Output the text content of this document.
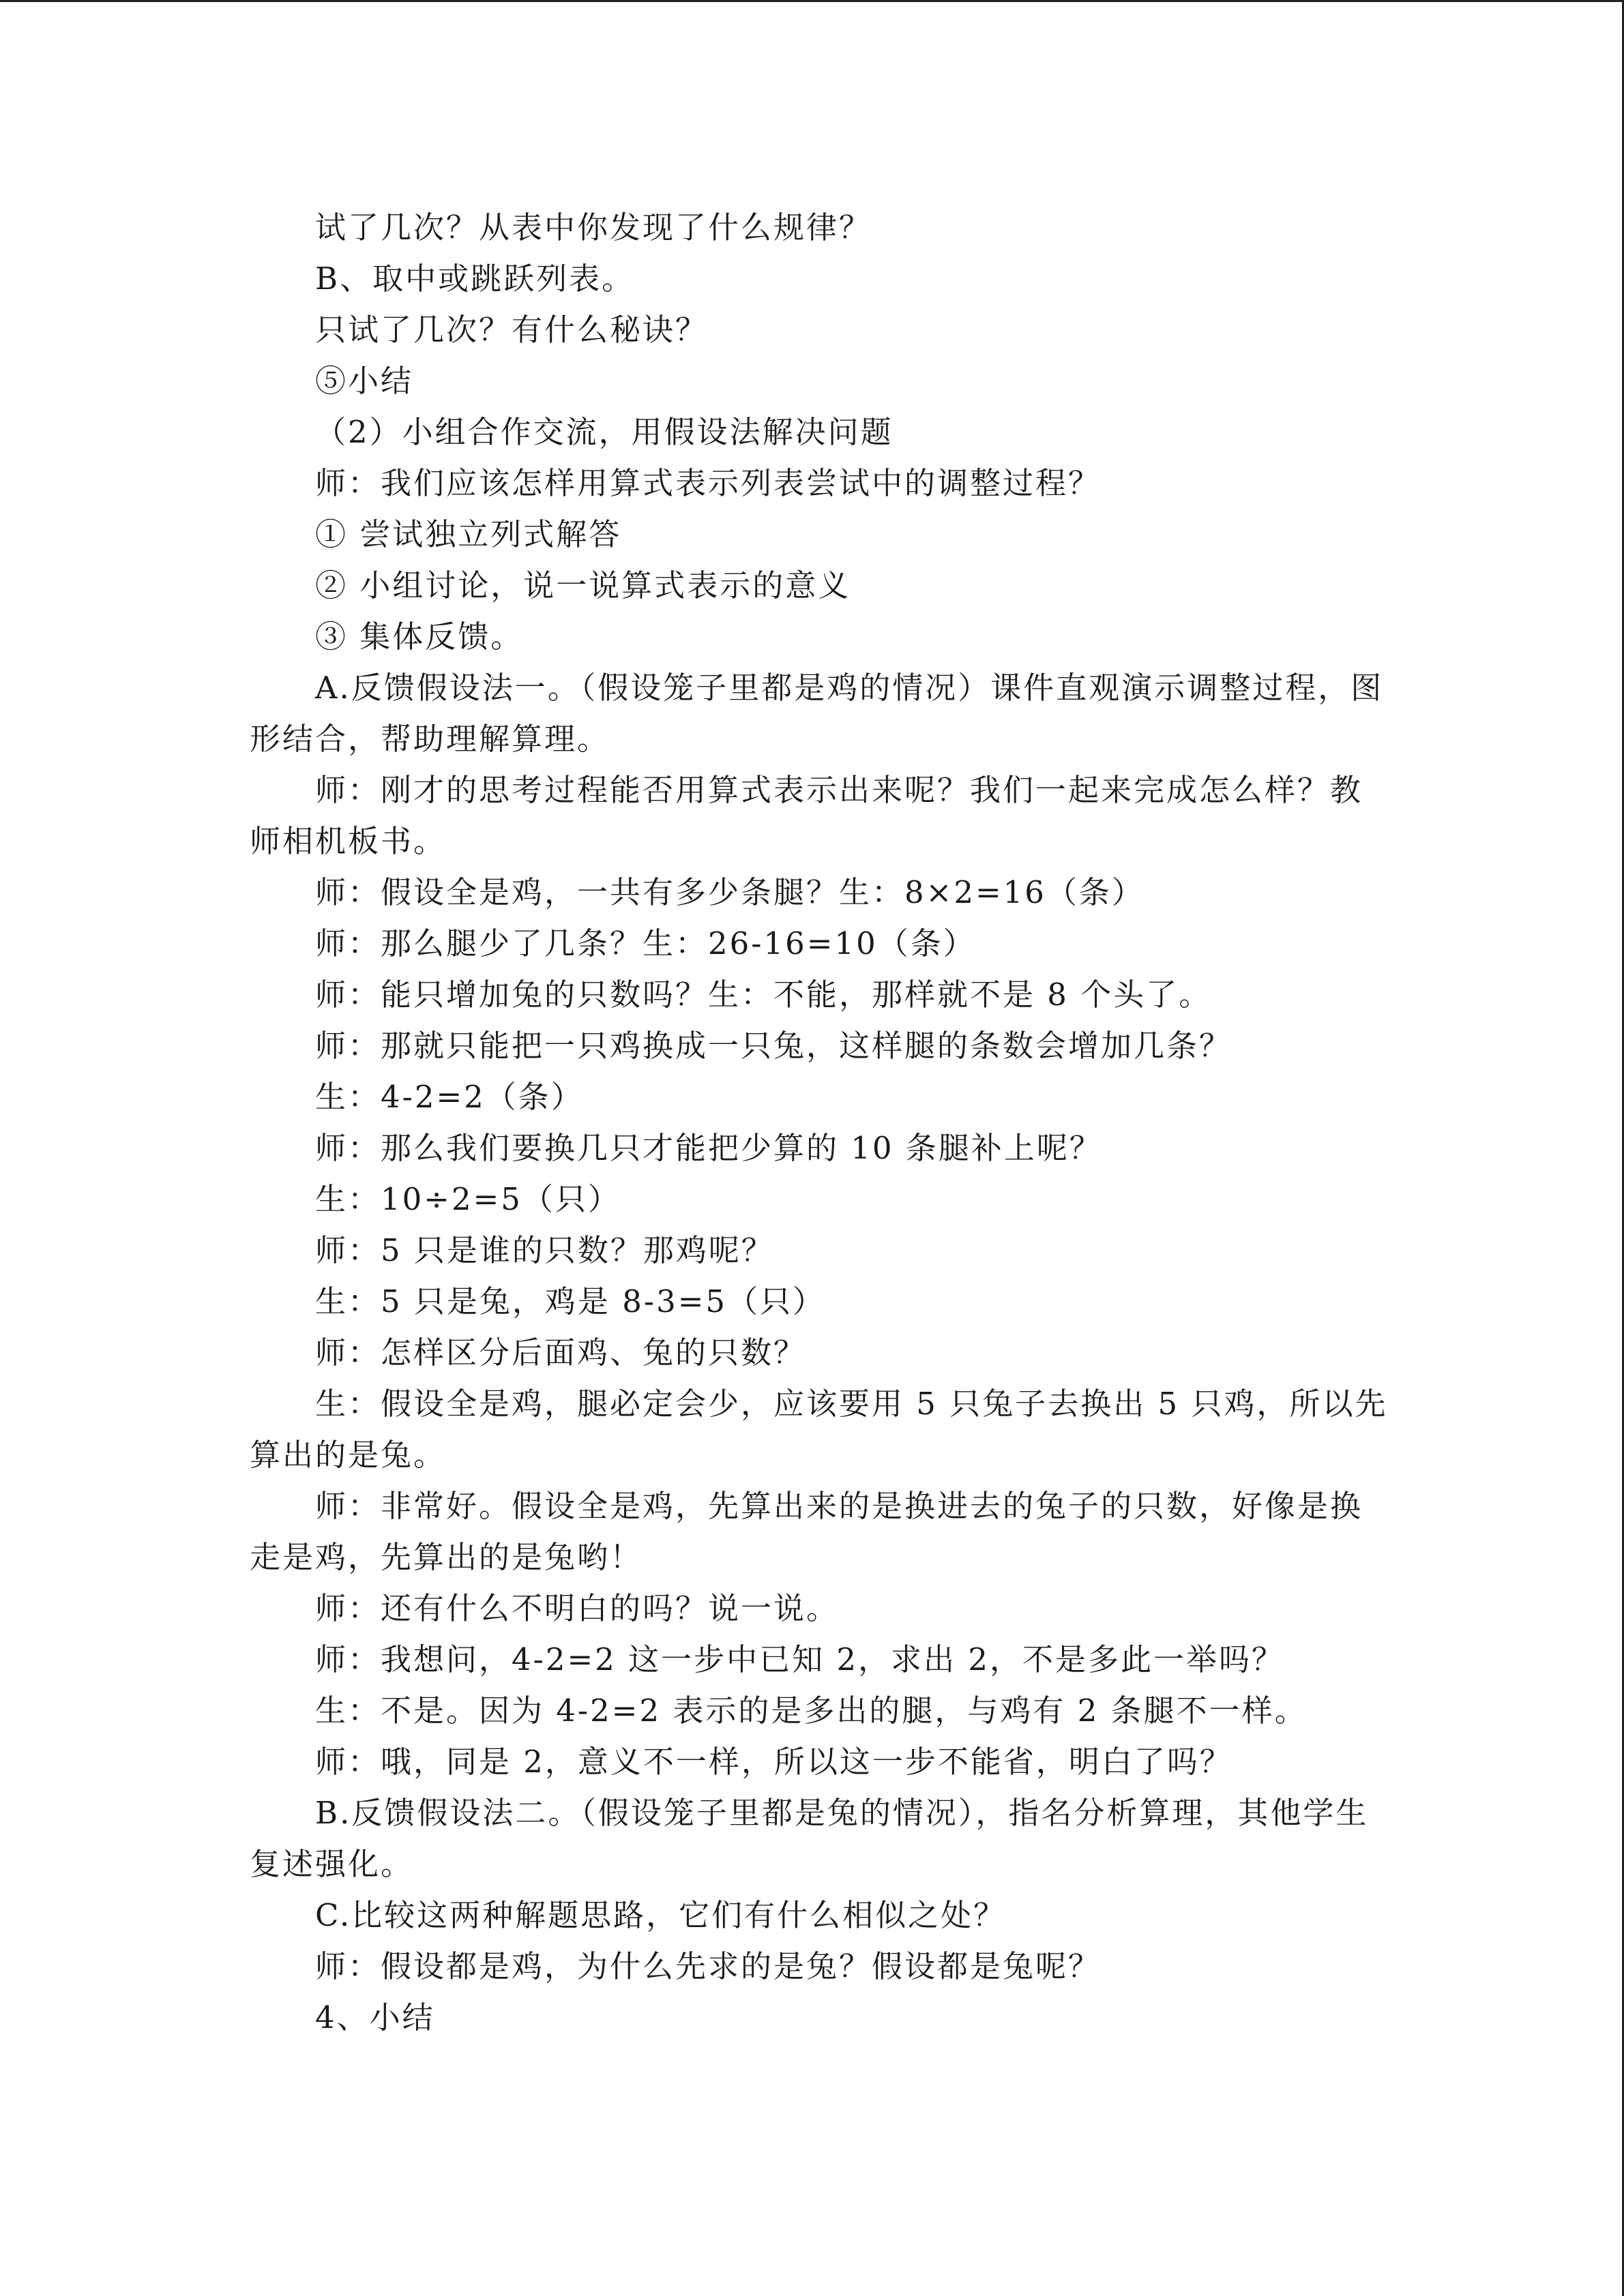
试了几次？从表中你发现了什么规律？

B、取中或跳跃列表。

只试了几次？有什么秘诀？

⑤小结

（2）小组合作交流，用假设法解决问题

师：我们应该怎样用算式表示列表尝试中的调整过程？

① 尝试独立列式解答

② 小组讨论，说一说算式表示的意义

③ 集体反馈。

A.反馈假设法一。（假设笼子里都是鸡的情况）课件直观演示调整过程，图形结合，帮助理解算理。

师：刚才的思考过程能否用算式表示出来呢？我们一起来完成怎么样？教师相机板书。

师：假设全是鸡，一共有多少条腿？生：8×2=16（条）

师：那么腿少了几条？生：26-16=10（条）

师：能只增加兔的只数吗？生：不能，那样就不是 8 个头了。

师：那就只能把一只鸡换成一只兔，这样腿的条数会增加几条？

生：4-2=2（条）

师：那么我们要换几只才能把少算的 10 条腿补上呢？

生：10÷2=5（只）

师：5 只是谁的只数？那鸡呢？

生：5 只是兔，鸡是 8-3=5（只）

师：怎样区分后面鸡、兔的只数？

生：假设全是鸡，腿必定会少，应该要用 5 只兔子去换出 5 只鸡，所以先算出的是兔。

师：非常好。假设全是鸡，先算出来的是换进去的兔子的只数，好像是换走是鸡，先算出的是兔哟！

师：还有什么不明白的吗？说一说。

师：我想问，4-2=2 这一步中已知 2，求出 2，不是多此一举吗？

生：不是。因为 4-2=2 表示的是多出的腿，与鸡有 2 条腿不一样。

师：哦，同是 2，意义不一样，所以这一步不能省，明白了吗？

B.反馈假设法二。（假设笼子里都是兔的情况），指名分析算理，其他学生复述强化。

C.比较这两种解题思路，它们有什么相似之处？

师：假设都是鸡，为什么先求的是兔？假设都是兔呢？

4、小结
